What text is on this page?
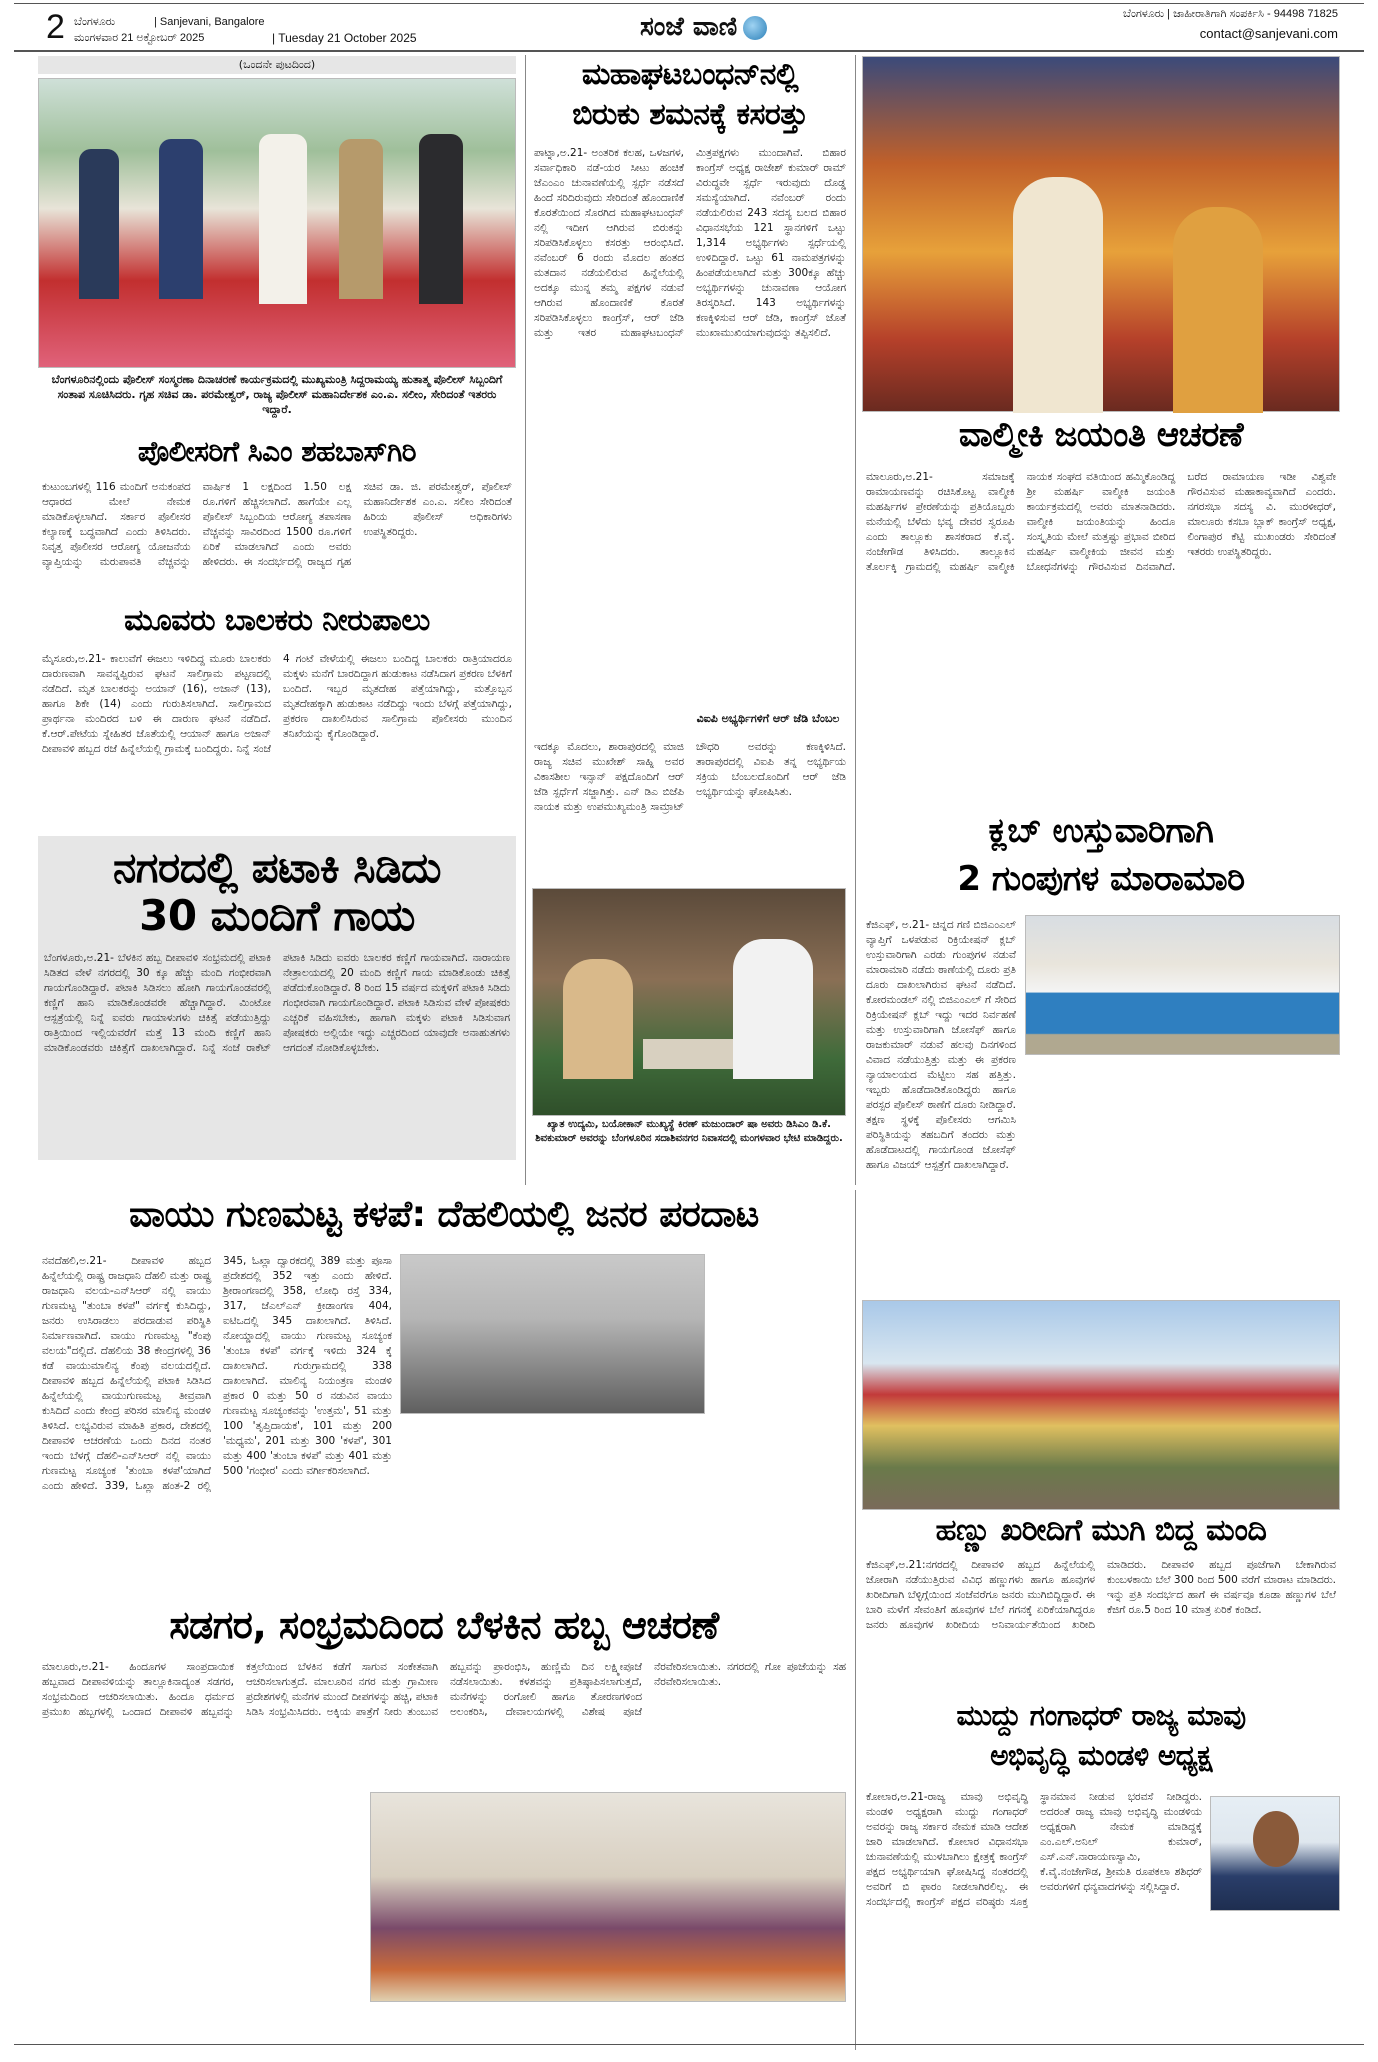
2 ಬೆಂಗಳೂರು	| Sanjevani, Bangalore
ಮಂಗಳವಾರ 21 ಅಕ್ಟೋಬರ್ 2025	| Tuesday 21 October 2025	ಸಂಜೆ ವಾಣಿ	ಬೆಂಗಳೂರು | ಜಾಹೀರಾತಿಗಾಗಿ ಸಂಪರ್ಕಿಸಿ - 94498 71825
contact@sanjevani.com
(ಒಂದನೇ ಪುಟದಿಂದ)
ಬೆಂಗಳೂರಿನಲ್ಲಿಂದು ಪೊಲೀಸ್ ಸಂಸ್ಮರಣಾ ದಿನಾಚರಣೆ ಕಾರ್ಯಕ್ರಮದಲ್ಲಿ ಮುಖ್ಯಮಂತ್ರಿ ಸಿದ್ದರಾಮಯ್ಯ ಹುತಾತ್ಮ ಪೊಲೀಸ್ ಸಿಬ್ಬಂದಿಗೆ ಸಂತಾಪ ಸೂಚಿಸಿದರು. ಗೃಹ ಸಚಿವ ಡಾ. ಪರಮೇಶ್ವರ್, ರಾಜ್ಯ ಪೊಲೀಸ್ ಮಹಾನಿರ್ದೇಶಕ ಎಂ.ಎ. ಸಲೀಂ, ಸೇರಿದಂತೆ ಇತರರು ಇದ್ದಾರೆ.
ಪೊಲೀಸರಿಗೆ ಸಿಎಂ ಶಹಬಾಸ್‌ಗಿರಿ
ಕುಟುಂಬಗಳಲ್ಲಿ 116 ಮಂದಿಗೆ ಅನುಕಂಪದ ಆಧಾರದ ಮೇಲೆ ನೇಮಕ ಮಾಡಿಕೊಳ್ಳಲಾಗಿದೆ. ಸರ್ಕಾರ ಪೊಲೀಸರ ಕಲ್ಯಾಣಕ್ಕೆ ಬದ್ಧವಾಗಿದೆ ಎಂದು ತಿಳಿಸಿದರು. ನಿವೃತ್ತ ಪೊಲೀಸರ ಆರೋಗ್ಯ ಯೋಜನೆಯ ವ್ಯಾಪ್ತಿಯನ್ನು ಮರುಪಾವತಿ ವೆಚ್ಚವನ್ನು ವಾರ್ಷಿಕ 1 ಲಕ್ಷದಿಂದ 1.50 ಲಕ್ಷ ರೂ.ಗಳಿಗೆ ಹೆಚ್ಚಿಸಲಾಗಿದೆ. ಹಾಗೆಯೇ ಎಲ್ಲ ಪೊಲೀಸ್ ಸಿಬ್ಬಂದಿಯ ಆರೋಗ್ಯ ತಪಾಸಣಾ ವೆಚ್ಚವನ್ನು ಸಾವಿರದಿಂದ 1500 ರೂ.ಗಳಿಗೆ ಏರಿಕೆ ಮಾಡಲಾಗಿದೆ ಎಂದು ಅವರು ಹೇಳಿದರು. ಈ ಸಂದರ್ಭದಲ್ಲಿ ರಾಜ್ಯದ ಗೃಹ ಸಚಿವ ಡಾ. ಜಿ. ಪರಮೇಶ್ವರ್, ಪೊಲೀಸ್ ಮಹಾನಿರ್ದೇಶಕ ಎಂ.ಎ. ಸಲೀಂ ಸೇರಿದಂತೆ ಹಿರಿಯ ಪೊಲೀಸ್ ಅಧಿಕಾರಿಗಳು ಉಪಸ್ಥಿತರಿದ್ದರು.
ಮೂವರು ಬಾಲಕರು ನೀರುಪಾಲು
ಮೈಸೂರು,ಅ.21- ಕಾಲುವೆಗೆ ಈಜಲು ಇಳಿದಿದ್ದ ಮೂರು ಬಾಲಕರು ದಾರುಣವಾಗಿ ಸಾವನ್ನಪ್ಪಿರುವ ಘಟನೆ ಸಾಲಿಗ್ರಾಮ ಪಟ್ಟಣದಲ್ಲಿ ನಡೆದಿದೆ. ಮೃತ ಬಾಲಕರನ್ನು ಅಯಾನ್ (16), ಅಜಾನ್ (13), ಹಾಗೂ ಶಿಕೇ (14) ಎಂದು ಗುರುತಿಸಲಾಗಿದೆ. ಸಾಲಿಗ್ರಾಮದ ಪ್ರಾರ್ಥನಾ ಮಂದಿರದ ಬಳಿ ಈ ದಾರುಣ ಘಟನೆ ನಡೆದಿದೆ. ಕೆ.ಆರ್.ಪೇಟೆಯ ಸ್ನೇಹಿತರ ಜೊತೆಯಲ್ಲಿ ಆಯಾನ್ ಹಾಗೂ ಅಜಾನ್ ದೀಪಾವಳಿ ಹಬ್ಬದ ರಜೆ ಹಿನ್ನೆಲೆಯಲ್ಲಿ ಗ್ರಾಮಕ್ಕೆ ಬಂದಿದ್ದರು. ನಿನ್ನೆ ಸಂಜೆ 4 ಗಂಟೆ ವೇಳೆಯಲ್ಲಿ ಈಜಲು ಬಂದಿದ್ದ ಬಾಲಕರು ರಾತ್ರಿಯಾದರೂ ಮಕ್ಕಳು ಮನೆಗೆ ಬಾರದಿದ್ದಾಗ ಹುಡುಕಾಟ ನಡೆಸಿದಾಗ ಪ್ರಕರಣ ಬೆಳಕಿಗೆ ಬಂದಿದೆ. ಇಬ್ಬರ ಮೃತದೇಹ ಪತ್ತೆಯಾಗಿದ್ದು, ಮತ್ತೊಬ್ಬನ ಮೃತದೇಹಕ್ಕಾಗಿ ಹುಡುಕಾಟ ನಡೆದಿದ್ದು ಇಂದು ಬೆಳಗ್ಗೆ ಪತ್ತೆಯಾಗಿದ್ದು, ಪ್ರಕರಣ ದಾಖಲಿಸಿರುವ ಸಾಲಿಗ್ರಾಮ ಪೊಲೀಸರು ಮುಂದಿನ ತನಿಖೆಯನ್ನು ಕೈಗೊಂಡಿದ್ದಾರೆ.
ನಗರದಲ್ಲಿ ಪಟಾಕಿ ಸಿಡಿದು
30 ಮಂದಿಗೆ ಗಾಯ
ಬೆಂಗಳೂರು,ಅ.21- ಬೆಳಕಿನ ಹಬ್ಬ ದೀಪಾವಳಿ ಸಂಭ್ರಮದಲ್ಲಿ ಪಟಾಕಿ ಸಿಡಿತದ ವೇಳೆ ನಗರದಲ್ಲಿ 30 ಕ್ಕೂ ಹೆಚ್ಚು ಮಂದಿ ಗಂಭೀರವಾಗಿ ಗಾಯಗೊಂಡಿದ್ದಾರೆ. ಪಟಾಕಿ ಸಿಡಿಸಲು ಹೋಗಿ ಗಾಯಗೊಂಡವರಲ್ಲಿ ಕಣ್ಣಿಗೆ ಹಾನಿ ಮಾಡಿಕೊಂಡವರೇ ಹೆಚ್ಚಾಗಿದ್ದಾರೆ. ಮಿಂಟೋ ಆಸ್ಪತ್ರೆಯಲ್ಲಿ ನಿನ್ನೆ ಐವರು ಗಾಯಾಳುಗಳು ಚಿಕಿತ್ಸೆ ಪಡೆಯುತ್ತಿದ್ದು ರಾತ್ರಿಯಿಂದ ಇಲ್ಲಿಯವರೆಗೆ ಮತ್ತೆ 13 ಮಂದಿ ಕಣ್ಣಿಗೆ ಹಾನಿ ಮಾಡಿಕೊಂಡವರು ಚಿಕಿತ್ಸೆಗೆ ದಾಖಲಾಗಿದ್ದಾರೆ. ನಿನ್ನೆ ಸಂಜೆ ರಾಕೆಟ್ ಪಟಾಕಿ ಸಿಡಿದು ಐವರು ಬಾಲಕರ ಕಣ್ಣಿಗೆ ಗಾಯವಾಗಿದೆ. ನಾರಾಯಣ ನೇತ್ರಾಲಯದಲ್ಲಿ 20 ಮಂದಿ ಕಣ್ಣಿಗೆ ಗಾಯ ಮಾಡಿಕೊಂಡು ಚಿಕಿತ್ಸೆ ಪಡೆದುಕೊಂಡಿದ್ದಾರೆ. 8 ರಿಂದ 15 ವರ್ಷದ ಮಕ್ಕಳಿಗೆ ಪಟಾಕಿ ಸಿಡಿದು ಗಂಭೀರವಾಗಿ ಗಾಯಗೊಂಡಿದ್ದಾರೆ. ಪಟಾಕಿ ಸಿಡಿಸುವ ವೇಳೆ ಪೋಷಕರು ಎಚ್ಚರಿಕೆ ವಹಿಸಬೇಕು, ಹಾಗಾಗಿ ಮಕ್ಕಳು ಪಟಾಕಿ ಸಿಡಿಸುವಾಗ ಪೋಷಕರು ಅಲ್ಲಿಯೇ ಇದ್ದು ಎಚ್ಚರದಿಂದ ಯಾವುದೇ ಅನಾಹುತಗಳು ಆಗದಂತೆ ನೋಡಿಕೊಳ್ಳಬೇಕು.
ಮಹಾಘಟಬಂಧನ್‌ನಲ್ಲಿ
ಬಿರುಕು ಶಮನಕ್ಕೆ ಕಸರತ್ತು
ಪಾಟ್ನಾ,ಅ.21- ಅಂತರಿಕ ಕಲಹ, ಒಳಜಗಳ, ಸರ್ವಾಧಿಕಾರಿ ನಡೆ-ಯರ ಸೀಟು ಹಂಚಿಕೆ ಜೆಎಂಎಂ ಚುನಾವಣೆಯಲ್ಲಿ ಸ್ಪರ್ಧೆ ನಡೆಸದೆ ಹಿಂದೆ ಸರಿದಿರುವುದು ಸೇರಿದಂತೆ ಹೊಂದಾಣಿಕೆ ಕೊರತೆಯಿಂದ ಸೊರಗಿದ ಮಹಾಘಟಬಂಧನ್ ನಲ್ಲಿ ಇದೀಗ ಆಗಿರುವ ಬಿರುಕನ್ನು ಸರಿಪಡಿಸಿಕೊಳ್ಳಲು ಕಸರತ್ತು ಆರಂಭಿಸಿದೆ. ನವೆಂಬರ್ 6 ರಂದು ಮೊದಲ ಹಂತದ ಮತದಾನ ನಡೆಯಲಿರುವ ಹಿನ್ನೆಲೆಯಲ್ಲಿ ಅದಕ್ಕೂ ಮುನ್ನ ತಮ್ಮ ಪಕ್ಷಗಳ ನಡುವೆ ಆಗಿರುವ ಹೊಂದಾಣಿಕೆ ಕೊರತೆ ಸರಿಪಡಿಸಿಕೊಳ್ಳಲು ಕಾಂಗ್ರೆಸ್, ಆರ್ ಜೆಡಿ ಮತ್ತು ಇತರ ಮಹಾಘಟಬಂಧನ್ ಮಿತ್ರಪಕ್ಷಗಳು ಮುಂದಾಗಿವೆ. ಬಿಹಾರ ಕಾಂಗ್ರೆಸ್ ಅಧ್ಯಕ್ಷ ರಾಜೇಶ್ ಕುಮಾರ್ ರಾಮ್ ವಿರುದ್ಧವೇ ಸ್ಪರ್ಧೆ ಇರುವುದು ದೊಡ್ಡ ಸಮಸ್ಯೆಯಾಗಿದೆ. ನವೆಂಬರ್ ರಂದು ನಡೆಯಲಿರುವ 243 ಸದಸ್ಯ ಬಲದ ಬಿಹಾರ ವಿಧಾನಸಭೆಯ 121 ಸ್ಥಾನಗಳಿಗೆ ಒಟ್ಟು 1,314 ಅಭ್ಯರ್ಥಿಗಳು ಸ್ಪರ್ಧೆಯಲ್ಲಿ ಉಳಿದಿದ್ದಾರೆ. ಒಟ್ಟು 61 ನಾಮಪತ್ರಗಳನ್ನು ಹಿಂಪಡೆಯಲಾಗಿದೆ ಮತ್ತು 300ಕ್ಕೂ ಹೆಚ್ಚು ಅಭ್ಯರ್ಥಿಗಳನ್ನು ಚುನಾವಣಾ ಆಯೋಗ ತಿರಸ್ಕರಿಸಿದೆ. 143 ಅಭ್ಯರ್ಥಿಗಳನ್ನು ಕಣಕ್ಕಿಳಿಸುವ ಆರ್ ಜೆಡಿ, ಕಾಂಗ್ರೆಸ್ ಜೊತೆ ಮುಖಾಮುಖಿಯಾಗುವುದನ್ನು ತಪ್ಪಿಸಲಿದೆ.
ವಿಐಪಿ ಅಭ್ಯರ್ಥಿಗಳಿಗೆ ಆರ್ ಜೆಡಿ ಬೆಂಬಲ
ಇದಕ್ಕೂ ಮೊದಲು, ಶಾರಾಪುರದಲ್ಲಿ ಮಾಜಿ ರಾಜ್ಯ ಸಚಿವ ಮುಖೇಶ್ ಸಾಹ್ನಿ ಅವರ ವಿಕಾಸಶೀಲ ಇನ್ಸಾನ್ ಪಕ್ಷದೊಂದಿಗೆ ಆರ್ ಜೆಡಿ ಸ್ಪರ್ಧೆಗೆ ಸಜ್ಜಾಗಿತ್ತು. ಎನ್ ಡಿಎ ಬಿಜೆಪಿ ನಾಯಕ ಮತ್ತು ಉಪಮುಖ್ಯಮಂತ್ರಿ ಸಾಮ್ರಾಟ್ ಚೌಧರಿ ಅವರನ್ನು ಕಣಕ್ಕಿಳಿಸಿದೆ. ತಾರಾಪುರದಲ್ಲಿ ವಿಐಪಿ ತನ್ನ ಅಭ್ಯರ್ಥಿಯ ಸಕ್ರಿಯ ಬೆಂಬಲದೊಂದಿಗೆ ಆರ್ ಜೆಡಿ ಅಭ್ಯರ್ಥಿಯನ್ನು ಘೋಷಿಸಿತು.
ಖ್ಯಾತ ಉದ್ಯಮಿ, ಬಯೋಕಾನ್ ಮುಖ್ಯಸ್ಥೆ ಕಿರಣ್ ಮಜುಂದಾರ್ ಷಾ ಅವರು ಡಿಸಿಎಂ ಡಿ.ಕೆ. ಶಿವಕುಮಾರ್ ಅವರನ್ನು ಬೆಂಗಳೂರಿನ ಸದಾಶಿವನಗರ ನಿವಾಸದಲ್ಲಿ ಮಂಗಳವಾರ ಭೇಟಿ ಮಾಡಿದ್ದರು.
ವಾಲ್ಮೀಕಿ ಜಯಂತಿ ಆಚರಣೆ
ಮಾಲೂರು,ಅ.21- ಸಮಾಜಕ್ಕೆ ರಾಮಾಯಣವನ್ನು ರಚಿಸಿಕೊಟ್ಟ ವಾಲ್ಮೀಕಿ ಮಹರ್ಷಿಗಳ ಪ್ರೇರಣೆಯನ್ನು ಪ್ರತಿಯೊಬ್ಬರು ಮನೆಯಲ್ಲಿ ಬೆಳೆದು ಭವ್ಯ ದೇವರ ಸ್ವರೂಪಿ ಎಂದು ತಾಲ್ಲೂಕು ಶಾಸಕರಾದ ಕೆ.ವೈ. ನಂಜೇಗೌಡ ತಿಳಿಸಿದರು. ತಾಲ್ಲೂಕಿನ ತೊರ್ಲಕ್ಕಿ ಗ್ರಾಮದಲ್ಲಿ ಮಹರ್ಷಿ ವಾಲ್ಮೀಕಿ ನಾಯಕ ಸಂಘದ ವತಿಯಿಂದ ಹಮ್ಮಿಕೊಂಡಿದ್ದ ಶ್ರೀ ಮಹರ್ಷಿ ವಾಲ್ಮೀಕಿ ಜಯಂತಿ ಕಾರ್ಯಕ್ರಮದಲ್ಲಿ ಅವರು ಮಾತನಾಡಿದರು. ವಾಲ್ಮೀಕಿ ಜಯಂತಿಯನ್ನು ಹಿಂದೂ ಸಂಸ್ಕೃತಿಯ ಮೇಲೆ ಮತ್ತಷ್ಟು ಪ್ರಭಾವ ಬೀರಿದ ಮಹರ್ಷಿ ವಾಲ್ಮೀಕಿಯ ಜೀವನ ಮತ್ತು ಬೋಧನೆಗಳನ್ನು ಗೌರವಿಸುವ ದಿನವಾಗಿದೆ. ಬರೆದ ರಾಮಾಯಣ ಇಡೀ ವಿಶ್ವವೇ ಗೌರವಿಸುವ ಮಹಾಕಾವ್ಯವಾಗಿದೆ ಎಂದರು. ನಗರಸಭಾ ಸದಸ್ಯ ವಿ. ಮುರಳೀಧರ್, ಮಾಲೂರು ಕಸಬಾ ಬ್ಲಾಕ್ ಕಾಂಗ್ರೆಸ್ ಅಧ್ಯಕ್ಷ, ಲಿಂಗಾಪುರ ಕೆಟ್ಟಿ ಮುಖಂಡರು ಸೇರಿದಂತೆ ಇತರರು ಉಪಸ್ಥಿತರಿದ್ದರು.
ಕ್ಲಬ್ ಉಸ್ತುವಾರಿಗಾಗಿ
2 ಗುಂಪುಗಳ ಮಾರಾಮಾರಿ
ಕೆಜಿಎಫ್, ಅ.21- ಚಿನ್ನದ ಗಣಿ ಬಿಜಿಎಂಎಲ್ ವ್ಯಾಪ್ತಿಗೆ ಒಳಪಡುವ ರಿಕ್ರಿಯೇಷನ್ ಕ್ಲಬ್ ಉಸ್ತುವಾರಿಗಾಗಿ ಎರಡು ಗುಂಪುಗಳ ನಡುವೆ ಮಾರಾಮಾರಿ ನಡೆದು ಠಾಣೆಯಲ್ಲಿ ದೂರು ಪ್ರತಿ ದೂರು ದಾಖಲಾಗಿರುವ ಘಟನೆ ನಡೆದಿದೆ. ಕೋರಮಂಡಲ್ ನಲ್ಲಿ ಬಿಜಿಎಂಎಲ್ ಗೆ ಸೇರಿದ ರಿಕ್ರಿಯೇಷನ್ ಕ್ಲಬ್ ಇದ್ದು ಇದರ ನಿರ್ವಹಣೆ ಮತ್ತು ಉಸ್ತುವಾರಿಗಾಗಿ ಜೋಸೆಫ್ ಹಾಗೂ ರಾಜಕುಮಾರ್ ನಡುವೆ ಹಲವು ದಿನಗಳಿಂದ ವಿವಾದ ನಡೆಯುತ್ತಿತ್ತು ಮತ್ತು ಈ ಪ್ರಕರಣ ನ್ಯಾಯಾಲಯದ ಮೆಟ್ಟಿಲು ಸಹ ಹತ್ತಿತ್ತು. ಇಬ್ಬರು ಹೊಡೆದಾಡಿಕೊಂಡಿದ್ದರು ಹಾಗೂ ಪರಸ್ಪರ ಪೊಲೀಸ್ ಠಾಣೆಗೆ ದೂರು ನೀಡಿದ್ದಾರೆ. ತಕ್ಷಣ ಸ್ಥಳಕ್ಕೆ ಪೊಲೀಸರು ಆಗಮಿಸಿ ಪರಿಸ್ಥಿತಿಯನ್ನು ತಹಬದಿಗೆ ತಂದರು ಮತ್ತು ಹೊಡೆದಾಟದಲ್ಲಿ ಗಾಯಗೊಂಡ ಜೋಸೆಫ್ ಹಾಗೂ ವಿಜಯ್ ಆಸ್ಪತ್ರೆಗೆ ದಾಖಲಾಗಿದ್ದಾರೆ.
ವಾಯು ಗುಣಮಟ್ಟ ಕಳಪೆ: ದೆಹಲಿಯಲ್ಲಿ ಜನರ ಪರದಾಟ
ನವದೆಹಲಿ,ಅ.21- ದೀಪಾವಳಿ ಹಬ್ಬದ ಹಿನ್ನೆಲೆಯಲ್ಲಿ ರಾಷ್ಟ್ರ ರಾಜಧಾನಿ ದೆಹಲಿ ಮತ್ತು ರಾಷ್ಟ್ರ ರಾಜಧಾನಿ ವಲಯ-ಎನ್‌ಸಿಆರ್ ನಲ್ಲಿ ವಾಯು ಗುಣಮಟ್ಟ "ತುಂಬಾ ಕಳಪೆ" ವರ್ಗಕ್ಕೆ ಕುಸಿದಿದ್ದು, ಜನರು ಉಸಿರಾಡಲು ಪರದಾಡುವ ಪರಿಸ್ಥಿತಿ ನಿರ್ಮಾಣವಾಗಿದೆ. ವಾಯು ಗುಣಮಟ್ಟ "ಕೆಂಪು ವಲಯ"ದಲ್ಲಿದೆ. ದೆಹಲಿಯ 38 ಕೇಂದ್ರಗಳಲ್ಲಿ 36 ಕಡೆ ವಾಯುಮಾಲಿನ್ಯ ಕೆಂಪು ವಲಯದಲ್ಲಿದೆ. ದೀಪಾವಳಿ ಹಬ್ಬದ ಹಿನ್ನೆಲೆಯಲ್ಲಿ ಪಟಾಕಿ ಸಿಡಿಸಿದ ಹಿನ್ನೆಲೆಯಲ್ಲಿ ವಾಯುಗುಣಮಟ್ಟ ತೀವ್ರವಾಗಿ ಕುಸಿದಿದೆ ಎಂದು ಕೇಂದ್ರ ಪರಿಸರ ಮಾಲಿನ್ಯ ಮಂಡಳಿ ತಿಳಿಸಿದೆ. ಲಭ್ಯವಿರುವ ಮಾಹಿತಿ ಪ್ರಕಾರ, ದೇಶದಲ್ಲಿ ದೀಪಾವಳಿ ಆಚರಣೆಯ ಒಂದು ದಿನದ ನಂತರ ಇಂದು ಬೆಳಗ್ಗೆ ದೆಹಲಿ-ಎನ್‌ಸಿಆರ್ ನಲ್ಲಿ ವಾಯು ಗುಣಮಟ್ಟ ಸೂಚ್ಯಂಕ 'ತುಂಬಾ ಕಳಪೆ'ಯಾಗಿದೆ ಎಂದು ಹೇಳಿದೆ. 339, ಓಖ್ಲಾ ಹಂತ-2 ರಲ್ಲಿ 345, ಓಖ್ಲಾ ದ್ವಾರಕದಲ್ಲಿ 389 ಮತ್ತು ಪೂಸಾ ಪ್ರದೇಶದಲ್ಲಿ 352 ಇತ್ತು ಎಂದು ಹೇಳಿದೆ. ಶ್ರೀರಾಂಗಣದಲ್ಲಿ 358, ಲೋಧಿ ರಸ್ತೆ 334, 317, ಜೆಎಲ್‌ಎನ್ ಕ್ರೀಡಾಂಗಣ 404, ಐಟಿಒದಲ್ಲಿ 345 ದಾಖಲಾಗಿದೆ. ತಿಳಿಸಿದೆ. ನೋಯ್ಡಾದಲ್ಲಿ ವಾಯು ಗುಣಮಟ್ಟ ಸೂಚ್ಯಂಕ 'ತುಂಬಾ ಕಳಪೆ' ವರ್ಗಕ್ಕೆ ಇಳಿದು 324 ಕ್ಕೆ ದಾಖಲಾಗಿದೆ. ಗುರುಗ್ರಾಮದಲ್ಲಿ 338 ದಾಖಲಾಗಿದೆ. ಮಾಲಿನ್ಯ ನಿಯಂತ್ರಣ ಮಂಡಳಿ ಪ್ರಕಾರ 0 ಮತ್ತು 50 ರ ನಡುವಿನ ವಾಯು ಗುಣಮಟ್ಟ ಸೂಚ್ಯಂಕವನ್ನು 'ಉತ್ತಮ', 51 ಮತ್ತು 100 'ತೃಪ್ತಿದಾಯಕ', 101 ಮತ್ತು 200 'ಮಧ್ಯಮ', 201 ಮತ್ತು 300 'ಕಳಪೆ', 301 ಮತ್ತು 400 'ತುಂಬಾ ಕಳಪೆ' ಮತ್ತು 401 ಮತ್ತು 500 'ಗಂಭೀರ' ಎಂದು ವರ್ಗೀಕರಿಸಲಾಗಿದೆ.
ಹಣ್ಣು ಖರೀದಿಗೆ ಮುಗಿ ಬಿದ್ದ ಮಂದಿ
ಕೆಜಿಎಫ್,ಅ.21:ನಗರದಲ್ಲಿ ದೀಪಾವಳಿ ಹಬ್ಬದ ಹಿನ್ನೆಲೆಯಲ್ಲಿ ಜೋರಾಗಿ ನಡೆಯುತ್ತಿರುವ ವಿವಿಧ ಹಣ್ಣುಗಳು ಹಾಗೂ ಹೂವುಗಳ ಖರೀದಿಗಾಗಿ ಬೆಳ್ಳಿಗ್ಗೆಯಿಂದ ಸಂಜೆವರೆಗೂ ಜನರು ಮುಗಿಬಿದ್ದಿದ್ದಾರೆ. ಈ ಬಾರಿ ಮಳೆಗೆ ಸೇವಂತಿಗೆ ಹೂವುಗಳ ಬೆಲೆ ಗಗನಕ್ಕೆ ಏರಿಕೆಯಾಗಿದ್ದರೂ ಜನರು ಹೂವುಗಳ ಖರೀದಿಯ ಅನಿವಾರ್ಯತೆಯಿಂದ ಖರೀದಿ ಮಾಡಿದರು. ದೀಪಾವಳಿ ಹಬ್ಬದ ಪೂಜೆಗಾಗಿ ಬೇಕಾಗಿರುವ ಕುಂಬಳಕಾಯಿ ಬೆಲೆ 300 ರಿಂದ 500 ವರೆಗೆ ಮಾರಾಟ ಮಾಡಿದರು. ಇನ್ನು ಪ್ರತಿ ಸಂದರ್ಭದ ಹಾಗೆ ಈ ವರ್ಷವೂ ಕೂಡಾ ಹಣ್ಣುಗಳ ಬೆಲೆ ಕೆಜಿಗೆ ರೂ.5 ರಿಂದ 10 ಮಾತ್ರ ಏರಿಕೆ ಕಂಡಿದೆ.
ಸಡಗರ, ಸಂಭ್ರಮದಿಂದ ಬೆಳಕಿನ ಹಬ್ಬ ಆಚರಣೆ
ಮಾಲೂರು,ಅ.21- ಹಿಂದೂಗಳ ಸಾಂಪ್ರದಾಯಿಕ ಹಬ್ಬವಾದ ದೀಪಾವಳಿಯನ್ನು ತಾಲ್ಲೂಕಿನಾದ್ಯಂತ ಸಡಗರ, ಸಂಭ್ರಮದಿಂದ ಆಚರಿಸಲಾಯಿತು. ಹಿಂದೂ ಧರ್ಮದ ಪ್ರಮುಖ ಹಬ್ಬಗಳಲ್ಲಿ ಒಂದಾದ ದೀಪಾವಳಿ ಹಬ್ಬವನ್ನು ಕತ್ತಲೆಯಿಂದ ಬೆಳಕಿನ ಕಡೆಗೆ ಸಾಗುವ ಸಂಕೇತವಾಗಿ ಆಚರಿಸಲಾಗುತ್ತದೆ. ಮಾಲೂರಿನ ನಗರ ಮತ್ತು ಗ್ರಾಮೀಣ ಪ್ರದೇಶಗಳಲ್ಲಿ ಮನೆಗಳ ಮುಂದೆ ದೀಪಗಳನ್ನು ಹಚ್ಚಿ, ಪಟಾಕಿ ಸಿಡಿಸಿ ಸಂಭ್ರಮಿಸಿದರು. ಅಕ್ಕಿಯ ಪಾತ್ರೆಗೆ ನೀರು ತುಂಬುವ ಹಬ್ಬವನ್ನು ಪ್ರಾರಂಭಿಸಿ, ಹುಣ್ಣಿಮೆ ದಿನ ಲಕ್ಷ್ಮೀಪೂಜೆ ನಡೆಸಲಾಯಿತು. ಕಳಶವನ್ನು ಪ್ರತಿಷ್ಠಾಪಿಸಲಾಗುತ್ತದೆ, ಮನೆಗಳನ್ನು ರಂಗೋಲಿ ಹಾಗೂ ತೋರಣಗಳಿಂದ ಅಲಂಕರಿಸಿ, ದೇವಾಲಯಗಳಲ್ಲಿ ವಿಶೇಷ ಪೂಜೆ ನೆರವೇರಿಸಲಾಯಿತು. ನಗರದಲ್ಲಿ ಗೋ ಪೂಜೆಯನ್ನು ಸಹ ನೆರವೇರಿಸಲಾಯಿತು.
ಮುದ್ದು ಗಂಗಾಧರ್ ರಾಜ್ಯ ಮಾವು
ಅಭಿವೃದ್ಧಿ ಮಂಡಳಿ ಅಧ್ಯಕ್ಷ
ಕೋಲಾರ,ಅ.21-ರಾಜ್ಯ ಮಾವು ಅಭಿವೃದ್ಧಿ ಮಂಡಳಿ ಅಧ್ಯಕ್ಷರಾಗಿ ಮುದ್ದು ಗಂಗಾಧರ್ ಅವರನ್ನು ರಾಜ್ಯ ಸರ್ಕಾರ ನೇಮಕ ಮಾಡಿ ಆದೇಶ ಜಾರಿ ಮಾಡಲಾಗಿದೆ. ಕೋಲಾರ ವಿಧಾನಸಭಾ ಚುನಾವಣೆಯಲ್ಲಿ ಮುಳಬಾಗಿಲು ಕ್ಷೇತ್ರಕ್ಕೆ ಕಾಂಗ್ರೆಸ್ ಪಕ್ಷದ ಅಭ್ಯರ್ಥಿಯಾಗಿ ಘೋಷಿಸಿದ್ದ ನಂತರದಲ್ಲಿ ಅವರಿಗೆ ಬಿ ಫಾರಂ ನೀಡಲಾಗಿರಲಿಲ್ಲ. ಈ ಸಂದರ್ಭದಲ್ಲಿ ಕಾಂಗ್ರೆಸ್ ಪಕ್ಷದ ವರಿಷ್ಠರು ಸೂಕ್ತ ಸ್ಥಾನಮಾನ ನೀಡುವ ಭರವಸೆ ನೀಡಿದ್ದರು. ಅದರಂತೆ ರಾಜ್ಯ ಮಾವು ಅಭಿವೃದ್ಧಿ ಮಂಡಳಿಯ ಅಧ್ಯಕ್ಷರಾಗಿ ನೇಮಕ ಮಾಡಿದ್ದಕ್ಕೆ ಎಂ.ಎಲ್.ಅನಿಲ್ ಕುಮಾರ್, ಎಸ್.ಎನ್.ನಾರಾಯಣಸ್ವಾಮಿ, ಕೆ.ವೈ.ನಂಜೇಗೌಡ, ಶ್ರೀಮತಿ ರೂಪಕಲಾ ಶಶಿಧರ್ ಅವರುಗಳಿಗೆ ಧನ್ಯವಾದಗಳನ್ನು ಸಲ್ಲಿಸಿದ್ದಾರೆ.
